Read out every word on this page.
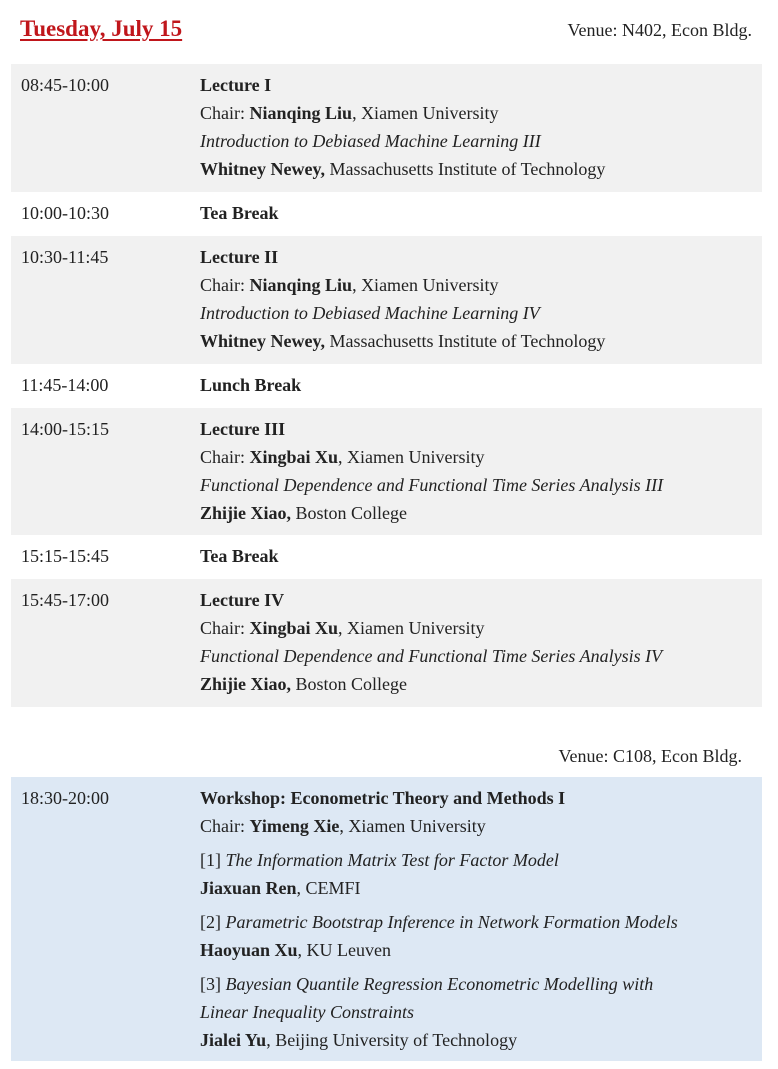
Tuesday, July 15	Venue: N402, Econ Bldg.
08:45-10:00	Lecture I
Chair: Nianqing Liu, Xiamen University
Introduction to Debiased Machine Learning III
Whitney Newey, Massachusetts Institute of Technology
10:00-10:30	Tea Break
10:30-11:45	Lecture II
Chair: Nianqing Liu, Xiamen University
Introduction to Debiased Machine Learning IV
Whitney Newey, Massachusetts Institute of Technology
11:45-14:00	Lunch Break
14:00-15:15	Lecture III
Chair: Xingbai Xu, Xiamen University
Functional Dependence and Functional Time Series Analysis III
Zhijie Xiao, Boston College
15:15-15:45	Tea Break
15:45-17:00	Lecture IV
Chair: Xingbai Xu, Xiamen University
Functional Dependence and Functional Time Series Analysis IV
Zhijie Xiao, Boston College
Venue: C108, Econ Bldg.
18:30-20:00	Workshop: Econometric Theory and Methods I
Chair: Yimeng Xie, Xiamen University
[1] The Information Matrix Test for Factor Model
Jiaxuan Ren, CEMFI
[2] Parametric Bootstrap Inference in Network Formation Models
Haoyuan Xu, KU Leuven
[3] Bayesian Quantile Regression Econometric Modelling with
Linear Inequality Constraints
Jialei Yu, Beijing University of Technology
